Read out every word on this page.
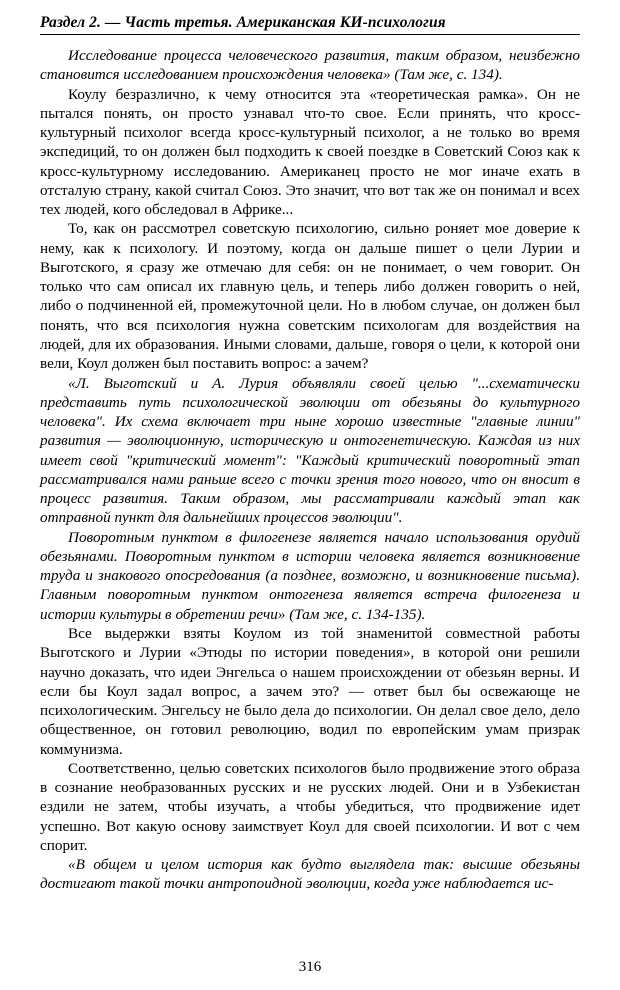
Раздел 2. — Часть третья. Американская КИ-психология

Исследование процесса человеческого развития, таким образом, неизбежно становится исследованием происхождения человека» (Там же, с. 134).

Коулу безразлично, к чему относится эта «теоретическая рамка». Он не пытался понять, он просто узнавал что-то свое. Если принять, что кросс-культурный психолог всегда кросс-культурный психолог, а не только во время экспедиций, то он должен был подходить к своей поездке в Советский Союз как к кросс-культурному исследованию. Американец просто не мог иначе ехать в отсталую страну, какой считал Союз. Это значит, что вот так же он понимал и всех тех людей, кого обследовал в Африке...

То, как он рассмотрел советскую психологию, сильно роняет мое доверие к нему, как к психологу. И поэтому, когда он дальше пишет о цели Лурии и Выготского, я сразу же отмечаю для себя: он не понимает, о чем говорит. Он только что сам описал их главную цель, и теперь либо должен говорить о ней, либо о подчиненной ей, промежуточной цели. Но в любом случае, он должен был понять, что вся психология нужна советским психологам для воздействия на людей, для их образования. Иными словами, дальше, говоря о цели, к которой они вели, Коул должен был поставить вопрос: а зачем?

«Л. Выготский и А. Лурия объявляли своей целью "...схематически представить путь психологической эволюции от обезьяны до культурного человека". Их схема включает три ныне хорошо известные "главные линии" развития — эволюционную, историческую и онтогенетическую. Каждая из них имеет свой "критический момент": "Каждый критический поворотный этап рассматривался нами раньше всего с точки зрения того нового, что он вносит в процесс развития. Таким образом, мы рассматривали каждый этап как отправной пункт для дальнейших процессов эволюции".

Поворотным пунктом в филогенезе является начало использования орудий обезьянами. Поворотным пунктом в истории человека является возникновение труда и знакового опосредования (а позднее, возможно, и возникновение письма). Главным поворотным пунктом онтогенеза является встреча филогенеза и истории культуры в обретении речи» (Там же, с. 134-135).

Все выдержки взяты Коулом из той знаменитой совместной работы Выготского и Лурии «Этюды по истории поведения», в которой они решили научно доказать, что идеи Энгельса о нашем происхождении от обезьян верны. И если бы Коул задал вопрос, а зачем это? — ответ был бы освежающе не психологическим. Энгельсу не было дела до психологии. Он делал свое дело, дело общественное, он готовил революцию, водил по европейским умам призрак коммунизма.

Соответственно, целью советских психологов было продвижение этого образа в сознание необразованных русских и не русских людей. Они и в Узбекистан ездили не затем, чтобы изучать, а чтобы убедиться, что продвижение идет успешно. Вот какую основу заимствует Коул для своей психологии. И вот с чем спорит.

«В общем и целом история как будто выглядела так: высшие обезьяны достигают такой точки антропоидной эволюции, когда уже наблюдается ис-

316
